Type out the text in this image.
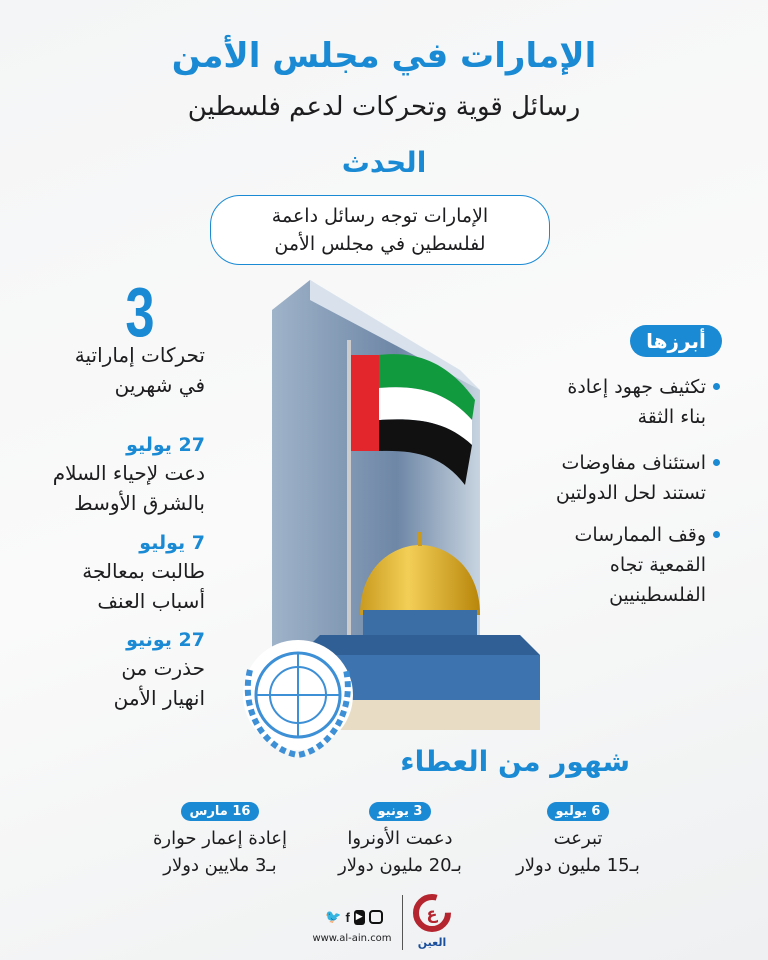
الإمارات في مجلس الأمن
رسائل قوية وتحركات لدعم فلسطين
الحدث
الإمارات توجه رسائل داعمة
لفلسطين في مجلس الأمن
3
تحركات إماراتية
في شهرين
27 يوليو
دعت لإحياء السلام
بالشرق الأوسط
7 يوليو
طالبت بمعالجة
أسباب العنف
27 يونيو
حذرت من
انهيار الأمن
أبرزها
تكثيف جهود إعادة
بناء الثقة
استئناف مفاوضات
تستند لحل الدولتين
وقف الممارسات
القمعية تجاه
الفلسطينيين
شهور من العطاء
6 يوليو
تبرعت
بـ15 مليون دولار
3 يونيو
دعمت الأونروا
بـ20 مليون دولار
16 مارس
إعادة إعمار حوارة
بـ3 ملايين دولار
🐦 f ▶
www.al-ain.com
ع
العين
